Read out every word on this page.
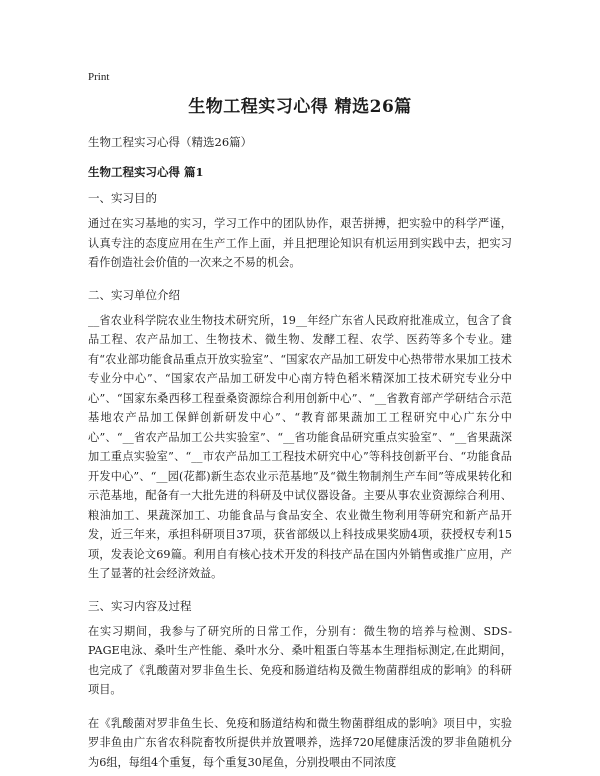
Print
生物工程实习心得 精选26篇
生物工程实习心得（精选26篇）
生物工程实习心得 篇1
一、实习目的
通过在实习基地的实习，学习工作中的团队协作，艰苦拼搏，把实验中的科学严谨，认真专注的态度应用在生产工作上面，并且把理论知识有机运用到实践中去，把实习看作创造社会价值的一次来之不易的机会。
二、实习单位介绍
__省农业科学院农业生物技术研究所，19__年经广东省人民政府批准成立，包含了食品工程、农产品加工、生物技术、微生物、发酵工程、农学、医药等多个专业。建有“农业部功能食品重点开放实验室”、“国家农产品加工研发中心热带带水果加工技术专业分中心”、“国家农产品加工研发中心南方特色稻米精深加工技术研究专业分中心”、“国家东桑西移工程蚕桑资源综合利用创新中心”、“__省教育部产学研结合示范基地农产品加工保鲜创新研发中心”、“教育部果蔬加工工程研究中心广东分中心”、“__省农产品加工公共实验室”、“__省功能食品研究重点实验室”、“__省果蔬深加工重点实验室”、“__市农产品加工工程技术研究中心”等科技创新平台、“功能食品开发中心”、“__园(花都)新生态农业示范基地”及“微生物制剂生产车间”等成果转化和示范基地，配备有一大批先进的科研及中试仪器设备。主要从事农业资源综合利用、粮油加工、果蔬深加工、功能食品与食品安全、农业微生物利用等研究和新产品开发，近三年来，承担科研项目37项，获省部级以上科技成果奖励4项，获授权专利15项，发表论文69篇。利用自有核心技术开发的科技产品在国内外销售或推广应用，产生了显著的社会经济效益。
三、实习内容及过程
在实习期间，我参与了研究所的日常工作，分别有：微生物的培养与检测、SDS-PAGE电泳、桑叶生产性能、桑叶水分、桑叶粗蛋白等基本生理指标测定,在此期间，也完成了《乳酸菌对罗非鱼生长、免疫和肠道结构及微生物菌群组成的影响》的科研项目。
在《乳酸菌对罗非鱼生长、免疫和肠道结构和微生物菌群组成的影响》项目中，实验罗非鱼由广东省农科院畜牧所提供并放置喂养，选择720尾健康活泼的罗非鱼随机分为6组，每组4个重复，每个重复30尾鱼，分别投喂由不同浓度
